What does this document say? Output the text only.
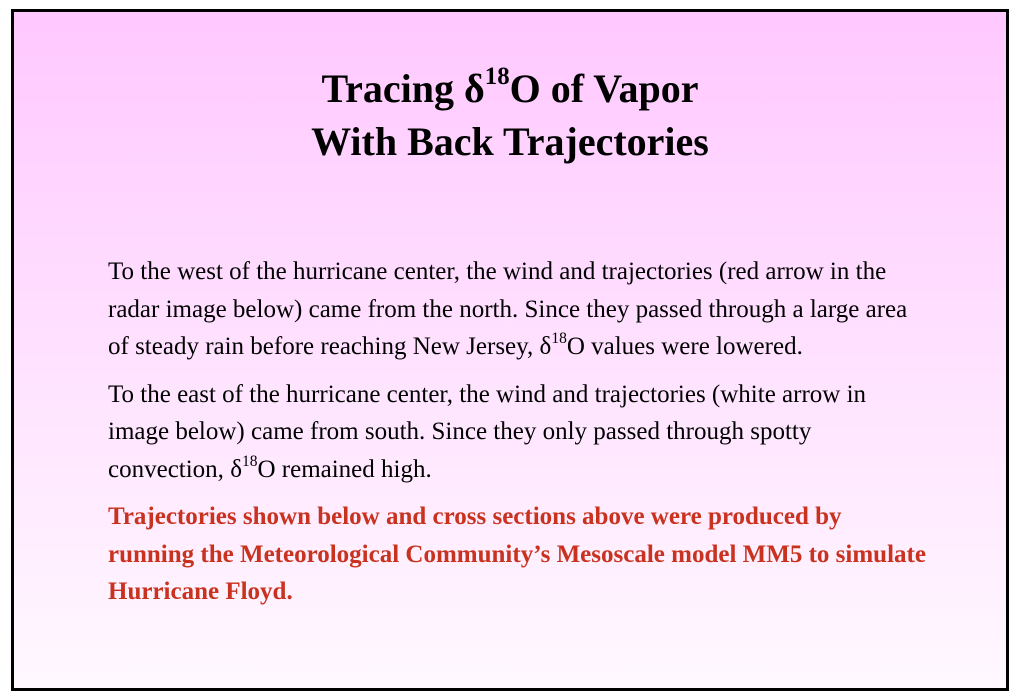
Tracing $\delta^{18}O$ of Vapor
With Back Trajectories

To the west of the hurricane center, the wind and trajectories (red arrow in the radar image below) came from the north. Since they passed through a large area of steady rain before reaching New Jersey, $\delta^{18}O$ values were lowered.

To the east of the hurricane center, the wind and trajectories (white arrow in image below) came from south. Since they only passed through spotty convection, $\delta^{18}O$ remained high.

Trajectories shown below and cross sections above were produced by running the Meteorological Community’s Mesoscale model MM5 to simulate Hurricane Floyd.
